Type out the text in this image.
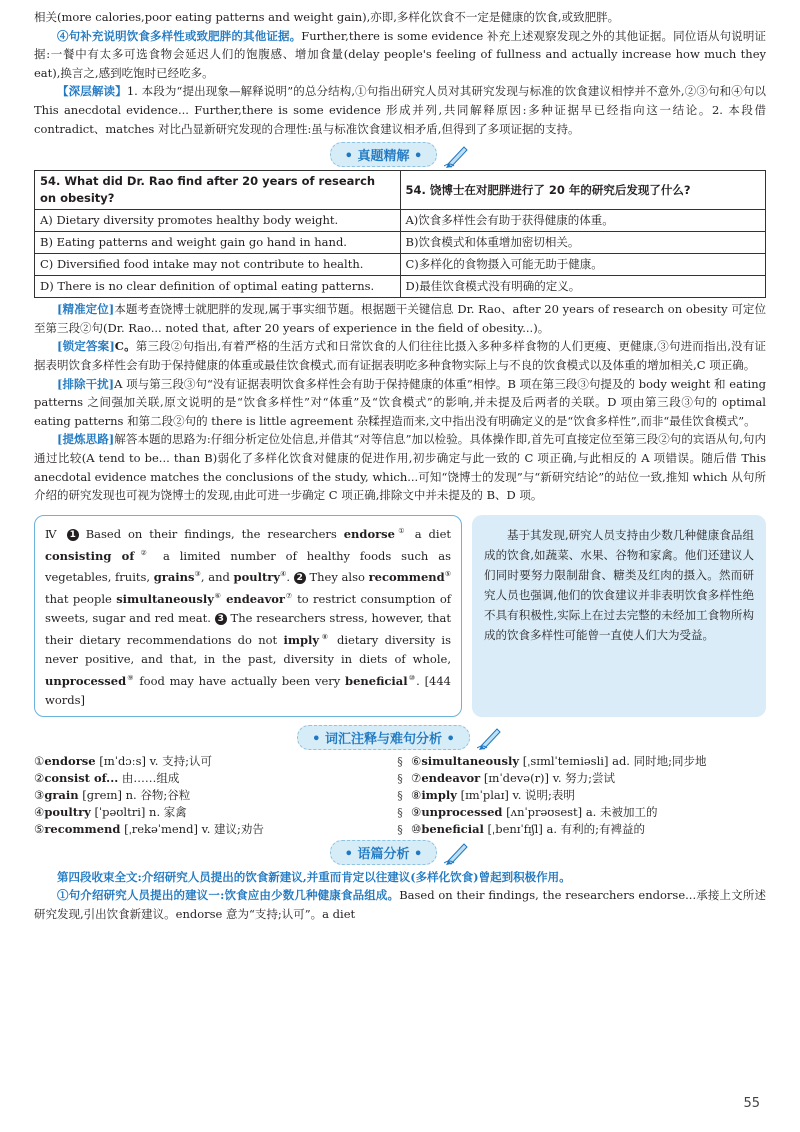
相关(more calories,poor eating patterns and weight gain),亦即,多样化饮食不一定是健康的饮食,或致肥胖。

④句补充说明饮食多样性或致肥胖的其他证据。Further,there is some evidence 补充上述观察发现之外的其他证据。同位语从句说明证据:一餐中有太多可选食物会延迟人们的饱腹感、增加食量(delay people's feeling of fullness and actually increase how much they eat),换言之,感到吃饱时已经吃多。

【深层解读】1. 本段为“提出现象—解释说明”的总分结构,①句指出研究人员对其研究发现与标准的饮食建议相悖并不意外,②③句和④句以 This anecdotal evidence... Further,there is some evidence 形成并列,共同解释原因:多种证据早已经指向这一结论。2. 本段借 contradict、matches 对比凸显新研究发现的合理性:虽与标准饮食建议相矛盾,但得到了多项证据的支持。

• 真题精解 •
54. What did Dr. Rao find after 20 years of research on obesity?	54. 饶博士在对肥胖进行了 20 年的研究后发现了什么?
A) Dietary diversity promotes healthy body weight.	A)饮食多样性会有助于获得健康的体重。
B) Eating patterns and weight gain go hand in hand.	B)饮食模式和体重增加密切相关。
C) Diversified food intake may not contribute to health.	C)多样化的食物摄入可能无助于健康。
D) There is no clear definition of optimal eating patterns.	D)最佳饮食模式没有明确的定义。

[精准定位]本题考查饶博士就肥胖的发现,属于事实细节题。根据题干关键信息 Dr. Rao、after 20 years of research on obesity 可定位至第三段②句(Dr. Rao... noted that, after 20 years of experience in the field of obesity...)。

[锁定答案]C。第三段②句指出,有着严格的生活方式和日常饮食的人们往往比摄入多种多样食物的人们更瘦、更健康,③句进而指出,没有证据表明饮食多样性会有助于保持健康的体重或最佳饮食模式,而有证据表明吃多种食物实际上与不良的饮食模式以及体重的增加相关,C 项正确。

[排除干扰]A 项与第三段③句“没有证据表明饮食多样性会有助于保持健康的体重”相悖。B 项在第三段③句提及的 body weight 和 eating patterns 之间强加关联,原文说明的是“饮食多样性”对“体重”及“饮食模式”的影响,并未提及后两者的关联。D 项由第三段③句的 optimal eating patterns 和第二段②句的 there is little agreement 杂糅捏造而来,文中指出没有明确定义的是“饮食多样性”,而非“最佳饮食模式”。

[提炼思路]解答本题的思路为:仔细分析定位处信息,并借其“对等信息”加以检验。具体操作即,首先可直接定位至第三段②句的宾语从句,句内通过比较(A tend to be... than B)弱化了多样化饮食对健康的促进作用,初步确定与此一致的 C 项正确,与此相反的 A 项错误。随后借 This anecdotal evidence matches the conclusions of the study, which...可知“饶博士的发现”与“新研究结论”的站位一致,推知 which 从句所介绍的研究发现也可视为饶博士的发现,由此可进一步确定 C 项正确,排除文中并未提及的 B、D 项。

Ⅳ 1 Based on their findings, the researchers endorse① a diet consisting of② a limited number of healthy foods such as vegetables, fruits, grains③, and poultry④. 2 They also recommend⑤ that people simultaneously⑥ endeavor⑦ to restrict consumption of sweets, sugar and red meat. 3 The researchers stress, however, that their dietary recommendations do not imply⑧ dietary diversity is never positive, and that, in the past, diversity in diets of whole, unprocessed⑨ food may have actually been very beneficial⑩. [444 words]

基于其发现,研究人员支持由少数几种健康食品组成的饮食,如蔬菜、水果、谷物和家禽。他们还建议人们同时要努力限制甜食、糖类及红肉的摄入。然而研究人员也强调,他们的饮食建议并非表明饮食多样性绝不具有积极性,实际上在过去完整的未经加工食物所构成的饮食多样性可能曾一直使人们大为受益。

• 词汇注释与难句分析 •
①endorse [ɪnˈdɔːs] v. 支持;认可
②consist of... 由……组成
③grain [ɡreɪn] n. 谷物;谷粒
④poultry [ˈpəʊltri] n. 家禽
⑤recommend [ˌrekəˈmend] v. 建议;劝告
§
§
§
§
§
⑥simultaneously [ˌsɪmlˈteɪniəsli] ad. 同时地;同步地
⑦endeavor [ɪnˈdevə(r)] v. 努力;尝试
⑧imply [ɪmˈplaɪ] v. 说明;表明
⑨unprocessed [ʌnˈprəʊsest] a. 未被加工的
⑩beneficial [ˌbenɪˈfɪʃl] a. 有利的;有裨益的
• 语篇分析 •

第四段收束全文:介绍研究人员提出的饮食新建议,并重而肯定以往建议(多样化饮食)曾起到积极作用。

①句介绍研究人员提出的建议一:饮食应由少数几种健康食品组成。Based on their findings, the researchers endorse...承接上文所述研究发现,引出饮食新建议。endorse 意为“支持;认可”。a diet

55
